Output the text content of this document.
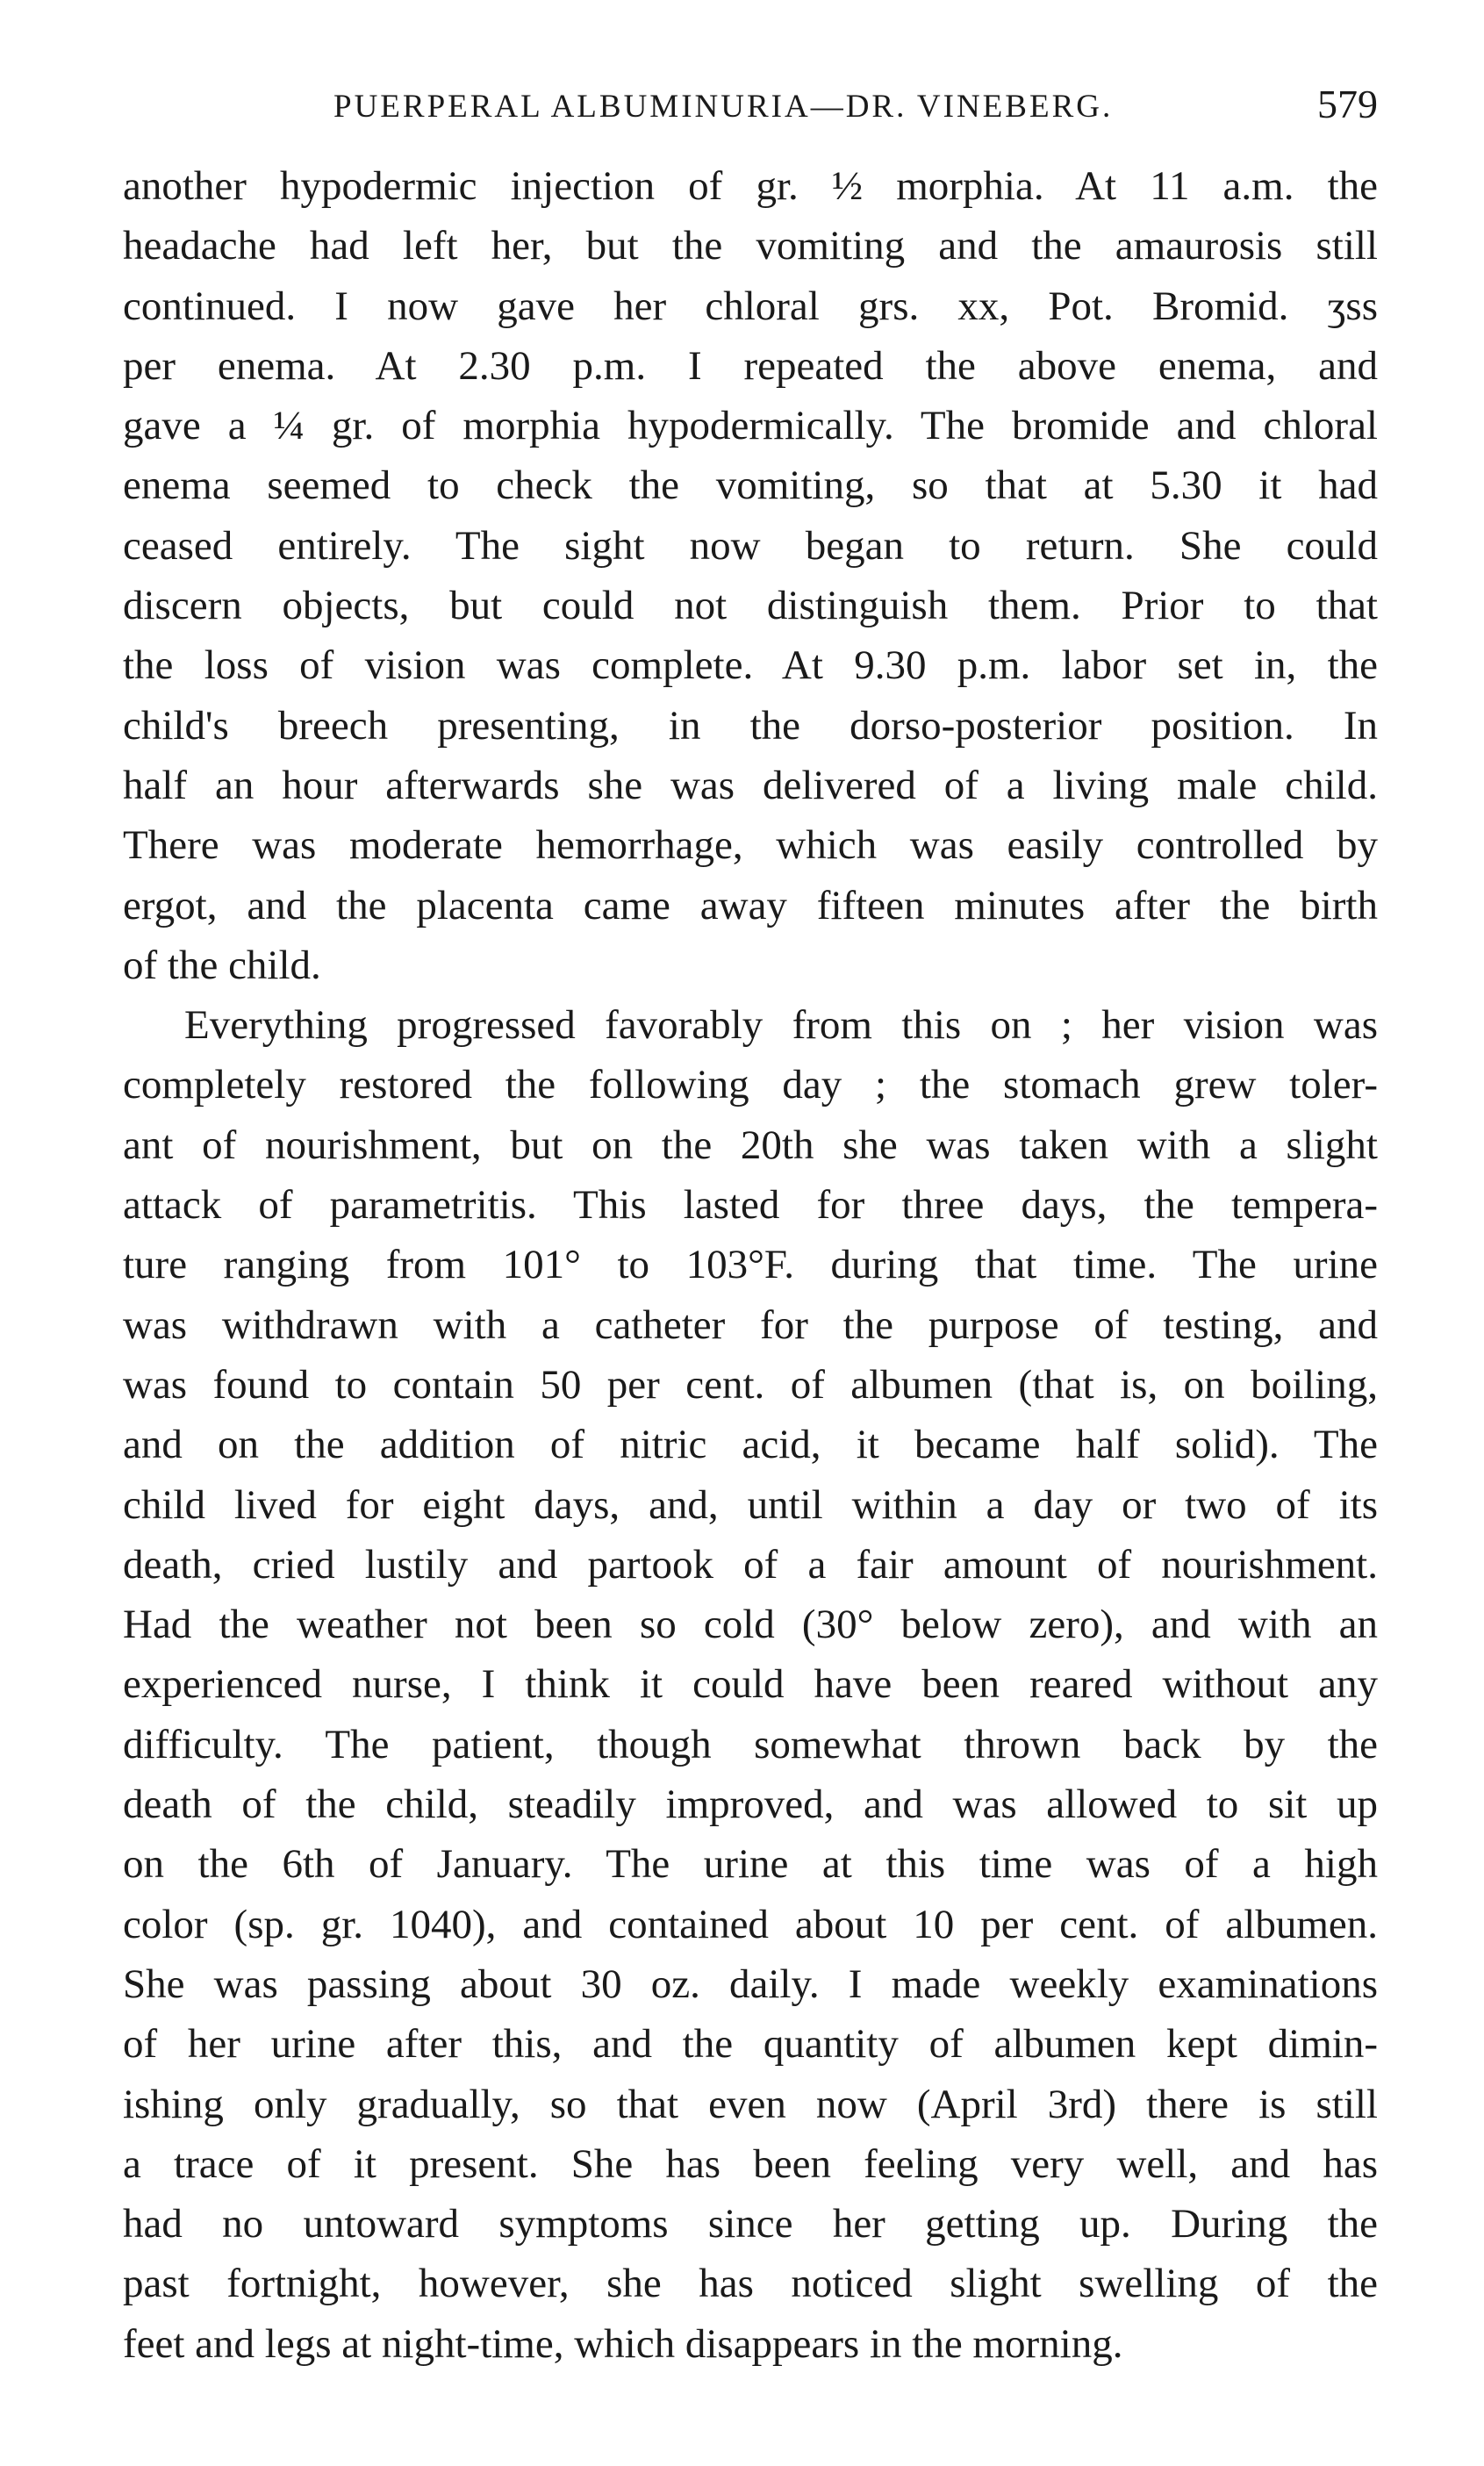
PUERPERAL ALBUMINURIA—DR. VINEBERG.	579
another hypodermic injection of gr. ½ morphia. At 11 a.m. the
headache had left her, but the vomiting and the amaurosis still
continued. I now gave her chloral grs. xx, Pot. Bromid. ʒss
per enema. At 2.30 p.m. I repeated the above enema, and
gave a ¼ gr. of morphia hypodermically. The bromide and chloral
enema seemed to check the vomiting, so that at 5.30 it had
ceased entirely. The sight now began to return. She could
discern objects, but could not distinguish them. Prior to that
the loss of vision was complete. At 9.30 p.m. labor set in, the
child's breech presenting, in the dorso-posterior position. In
half an hour afterwards she was delivered of a living male child.
There was moderate hemorrhage, which was easily controlled by
ergot, and the placenta came away fifteen minutes after the birth
of the child.
Everything progressed favorably from this on ; her vision was
completely restored the following day ; the stomach grew toler-
ant of nourishment, but on the 20th she was taken with a slight
attack of parametritis. This lasted for three days, the tempera-
ture ranging from 101° to 103°F. during that time. The urine
was withdrawn with a catheter for the purpose of testing, and
was found to contain 50 per cent. of albumen (that is, on boiling,
and on the addition of nitric acid, it became half solid). The
child lived for eight days, and, until within a day or two of its
death, cried lustily and partook of a fair amount of nourishment.
Had the weather not been so cold (30° below zero), and with an
experienced nurse, I think it could have been reared without any
difficulty. The patient, though somewhat thrown back by the
death of the child, steadily improved, and was allowed to sit up
on the 6th of January. The urine at this time was of a high
color (sp. gr. 1040), and contained about 10 per cent. of albumen.
She was passing about 30 oz. daily. I made weekly examinations
of her urine after this, and the quantity of albumen kept dimin-
ishing only gradually, so that even now (April 3rd) there is still
a trace of it present. She has been feeling very well, and has
had no untoward symptoms since her getting up. During the
past fortnight, however, she has noticed slight swelling of the
feet and legs at night-time, which disappears in the morning.
